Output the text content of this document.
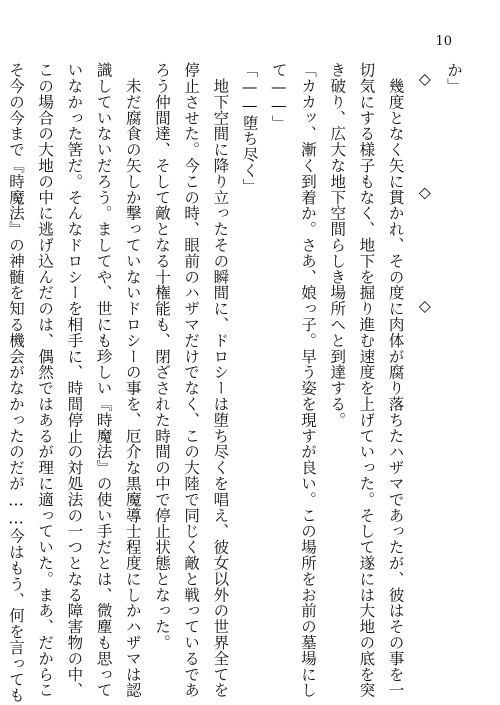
10
か」
◇　◇　◇
　幾度となく矢に貫かれ、その度に肉体が腐り落ちたハザマであったが、彼はその事を一
切気にする様子もなく、地下を掘り進む速度を上げていった。そして遂には大地の底を突
き破り、広大な地下空間らしき場所へと到達する。
「カカッ、漸く到着か。さあ、娘っ子。早う姿を現すが良い。この場所をお前の墓場にし
て——」
「——堕ち尽く」
　地下空間に降り立ったその瞬間に、ドロシーは堕ち尽くを唱え、彼女以外の世界全てを
停止させた。今この時、眼前のハザマだけでなく、この大陸で同じく敵と戦っているであ
ろう仲間達、そして敵となる十権能も、閉ざされた時間の中で停止状態となった。
　未だ腐食の矢しか撃っていないドロシーの事を、厄介な黒魔導士程度にしかハザマは認
識していないだろう。ましてや、世にも珍しい『時魔法』の使い手だとは、微塵も思って
いなかった筈だ。そんなドロシーを相手に、時間停止の対処法の一つとなる障害物の中、
この場合の大地の中に逃げ込んだのは、偶然ではあるが理に適っていた。まあ、だからこ
そ今の今まで『時魔法』の神髄を知る機会がなかったのだが……今はもう、何を言っても
